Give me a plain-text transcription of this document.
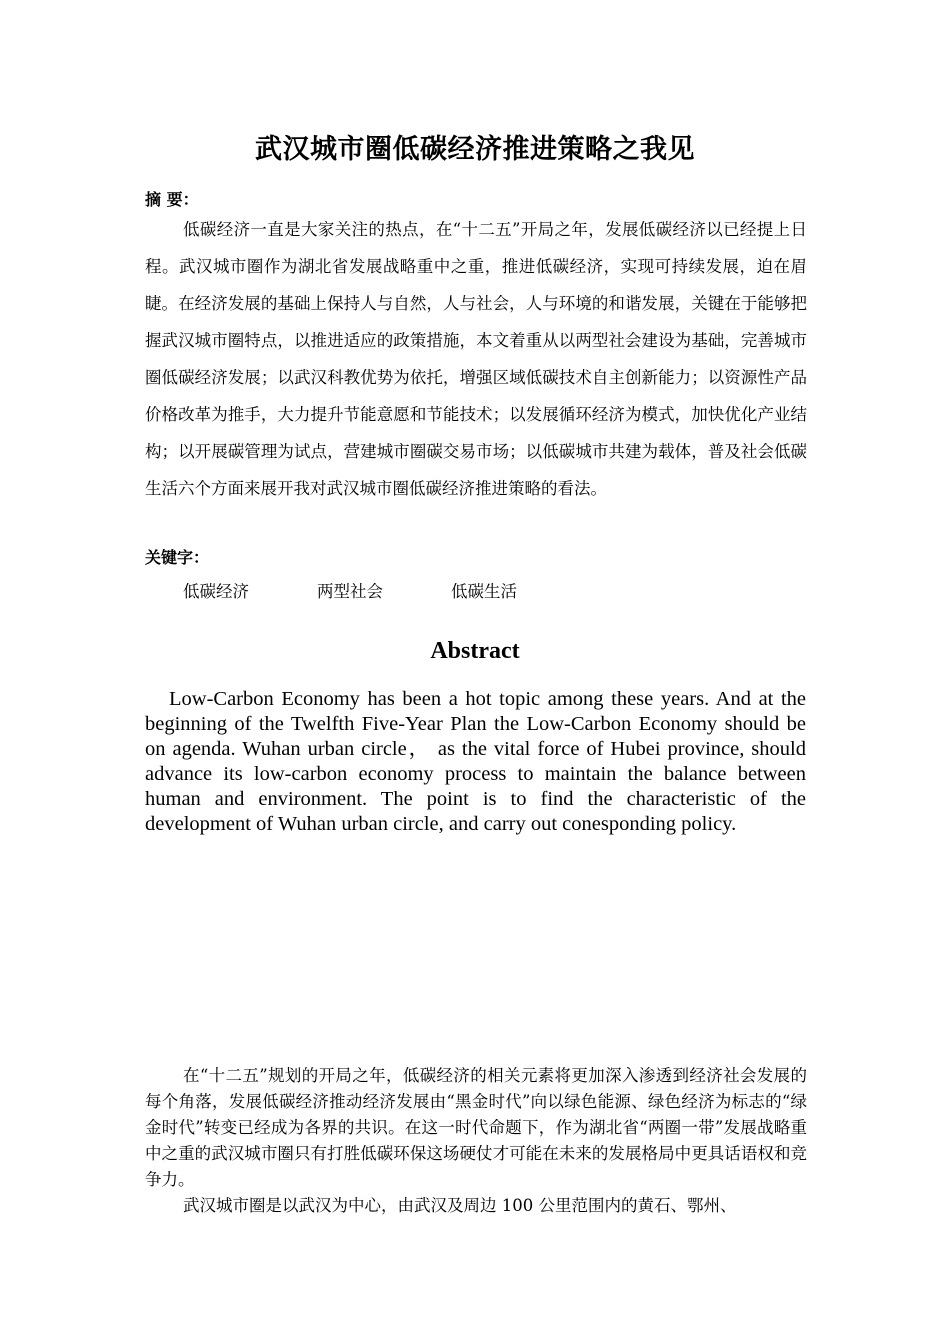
武汉城市圈低碳经济推进策略之我见
摘 要：

低碳经济一直是大家关注的热点，在“十二五”开局之年，发展低碳经济以已经提上日程。武汉城市圈作为湖北省发展战略重中之重，推进低碳经济，实现可持续发展，迫在眉睫。在经济发展的基础上保持人与自然，人与社会，人与环境的和谐发展，关键在于能够把握武汉城市圈特点，以推进适应的政策措施，本文着重从以两型社会建设为基础，完善城市圈低碳经济发展；以武汉科教优势为依托，增强区域低碳技术自主创新能力；以资源性产品价格改革为推手，大力提升节能意愿和节能技术；以发展循环经济为模式，加快优化产业结构；以开展碳管理为试点，营建城市圈碳交易市场；以低碳城市共建为载体，普及社会低碳生活六个方面来展开我对武汉城市圈低碳经济推进策略的看法。

关键字：
低碳经济	两型社会	低碳生活
Abstract

Low-Carbon Economy has been a hot topic among these years. And at the beginning of the Twelfth Five-Year Plan the Low-Carbon Economy should be on agenda. Wuhan urban circle， as the vital force of Hubei province, should advance its low-carbon economy process to maintain the balance between human and environment. The point is to find the characteristic of the development of Wuhan urban circle, and carry out conesponding policy.

在“十二五”规划的开局之年，低碳经济的相关元素将更加深入渗透到经济社会发展的每个角落，发展低碳经济推动经济发展由“黑金时代”向以绿色能源、绿色经济为标志的“绿金时代”转变已经成为各界的共识。在这一时代命题下，作为湖北省“两圈一带”发展战略重中之重的武汉城市圈只有打胜低碳环保这场硬仗才可能在未来的发展格局中更具话语权和竞争力。

武汉城市圈是以武汉为中心，由武汉及周边 100 公里范围内的黄石、鄂州、
